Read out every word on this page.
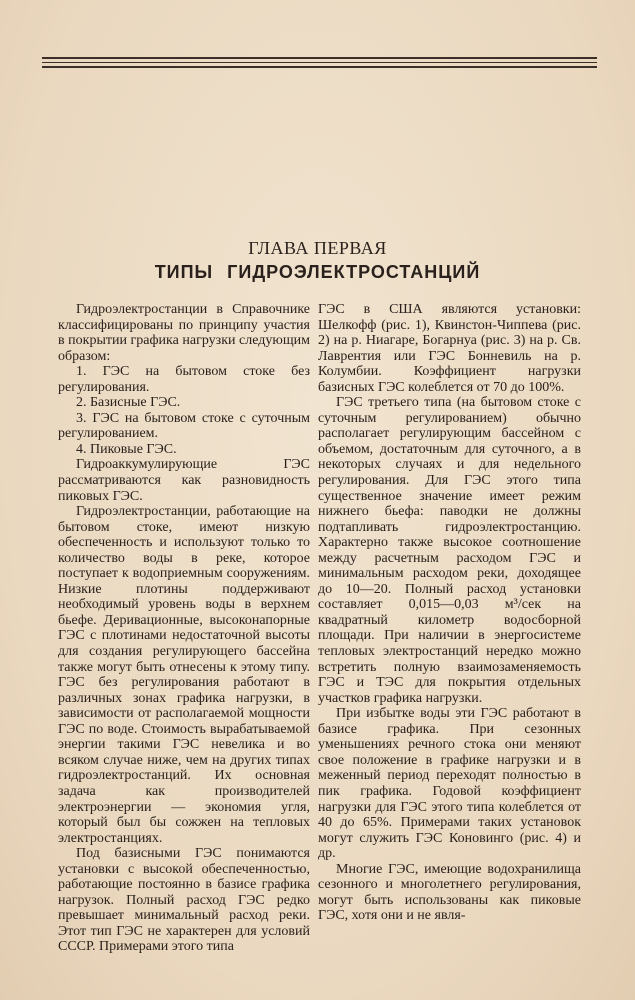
ГЛАВА ПЕРВАЯ
ТИПЫ ГИДРОЭЛЕКТРОСТАНЦИЙ

Гидроэлектростанции в Справочнике классифицированы по принципу участия в покрытии графика нагрузки следующим образом:

1. ГЭС на бытовом стоке без регулирования.

2. Базисные ГЭС.

3. ГЭС на бытовом стоке с суточным регулированием.

4. Пиковые ГЭС.

Гидроаккумулирующие ГЭС рассматриваются как разновидность пиковых ГЭС.

Гидроэлектростанции, работающие на бытовом стоке, имеют низкую обеспеченность и используют только то количество воды в реке, которое поступает к водоприемным сооружениям. Низкие плотины поддерживают необходимый уровень воды в верхнем бьефе. Деривационные, высоконапорные ГЭС с плотинами недостаточной высоты для создания регулирующего бассейна также могут быть отнесены к этому типу. ГЭС без регулирования работают в различных зонах графика нагрузки, в зависимости от располагаемой мощности ГЭС по воде. Стоимость вырабатываемой энергии такими ГЭС невелика и во всяком случае ниже, чем на других типах гидроэлектростанций. Их основная задача как производителей электроэнергии — экономия угля, который был бы сожжен на тепловых электростанциях.

Под базисными ГЭС понимаются установки с высокой обеспеченностью, работающие постоянно в базисе графика нагрузок. Полный расход ГЭС редко превышает минимальный расход реки. Этот тип ГЭС не характерен для условий СССР. Примерами этого типа

ГЭС в США являются установки: Шелкофф (рис. 1), Квинстон-Чиппева (рис. 2) на р. Ниагаре, Богарнуа (рис. 3) на р. Св. Лаврентия или ГЭС Бонневиль на р. Колумбии. Коэффициент нагрузки базисных ГЭС колеблется от 70 до 100%.

ГЭС третьего типа (на бытовом стоке с суточным регулированием) обычно располагает регулирующим бассейном с объемом, достаточным для суточного, а в некоторых случаях и для недельного регулирования. Для ГЭС этого типа существенное значение имеет режим нижнего бьефа: паводки не должны подтапливать гидроэлектростанцию. Характерно также высокое соотношение между расчетным расходом ГЭС и минимальным расходом реки, доходящее до 10—20. Полный расход установки составляет 0,015—0,03 м³/сек на квадратный километр водосборной площади. При наличии в энергосистеме тепловых электростанций нередко можно встретить полную взаимозаменяемость ГЭС и ТЭС для покрытия отдельных участков графика нагрузки.

При избытке воды эти ГЭС работают в базисе графика. При сезонных уменьшениях речного стока они меняют свое положение в графике нагрузки и в меженный период переходят полностью в пик графика. Годовой коэффициент нагрузки для ГЭС этого типа колеблется от 40 до 65%. Примерами таких установок могут служить ГЭС Коновинго (рис. 4) и др.

Многие ГЭС, имеющие водохранилища сезонного и многолетнего регулирования, могут быть использованы как пиковые ГЭС, хотя они и не явля-
